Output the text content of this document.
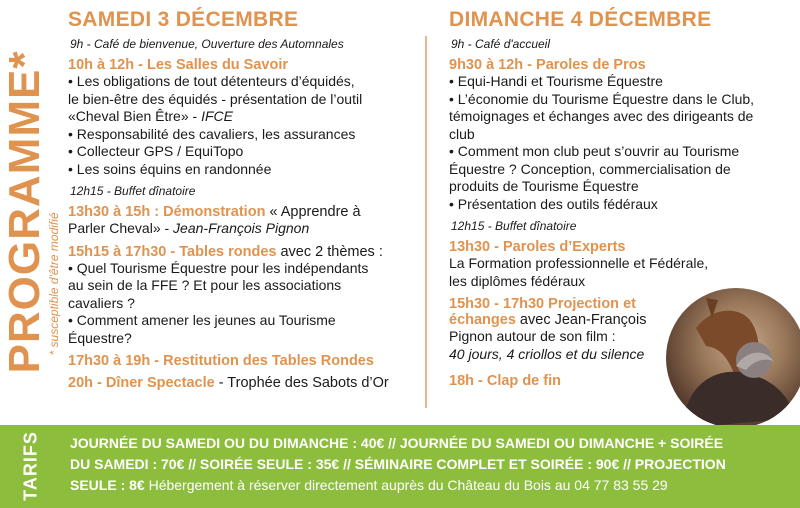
PROGRAMME*
* susceptible d'être modifié
SAMEDI 3 DÉCEMBRE

9h - Café de bienvenue, Ouverture des Automnales

10h à 12h - Les Salles du Savoir

• Les obligations de tout détenteurs d’équidés,

le bien-être des équidés - présentation de l’outil

«Cheval Bien Être» - IFCE

• Responsabilité des cavaliers, les assurances

• Collecteur GPS / EquiTopo

• Les soins équins en randonnée

12h15 - Buffet dînatoire

13h30 à 15h : Démonstration « Apprendre à

Parler Cheval» - Jean-François Pignon

15h15 à 17h30 - Tables rondes avec 2 thèmes :

• Quel Tourisme Équestre pour les indépendants

au sein de la FFE ? Et pour les associations

cavaliers ?

• Comment amener les jeunes au Tourisme

Équestre?

17h30 à 19h - Restitution des Tables Rondes

20h - Dîner Spectacle - Trophée des Sabots d’Or

DIMANCHE 4 DÉCEMBRE

9h - Café d'accueil

9h30 à 12h - Paroles de Pros

• Equi-Handi et Tourisme Équestre

• L’économie du Tourisme Équestre dans le Club,

témoignages et échanges avec des dirigeants de

club

• Comment mon club peut s’ouvrir au Tourisme

Équestre ? Conception, commercialisation de

produits de Tourisme Équestre

• Présentation des outils fédéraux

12h15 - Buffet dînatoire

13h30 - Paroles d’Experts

La Formation professionnelle et Fédérale,

les diplômes fédéraux

15h30 - 17h30 Projection et

échanges avec Jean-François

Pignon autour de son film :

40 jours, 4 criollos et du silence

18h - Clap de fin

TARIFS JOURNÉE DU SAMEDI OU DU DIMANCHE : 40€ // JOURNÉE DU SAMEDI OU DIMANCHE + SOIRÉE
DU SAMEDI : 70€ // SOIRÉE SEULE : 35€ // SÉMINAIRE COMPLET ET SOIRÉE : 90€ // PROJECTION
SEULE : 8€ Hébergement à réserver directement auprès du Château du Bois au 04 77 83 55 29
